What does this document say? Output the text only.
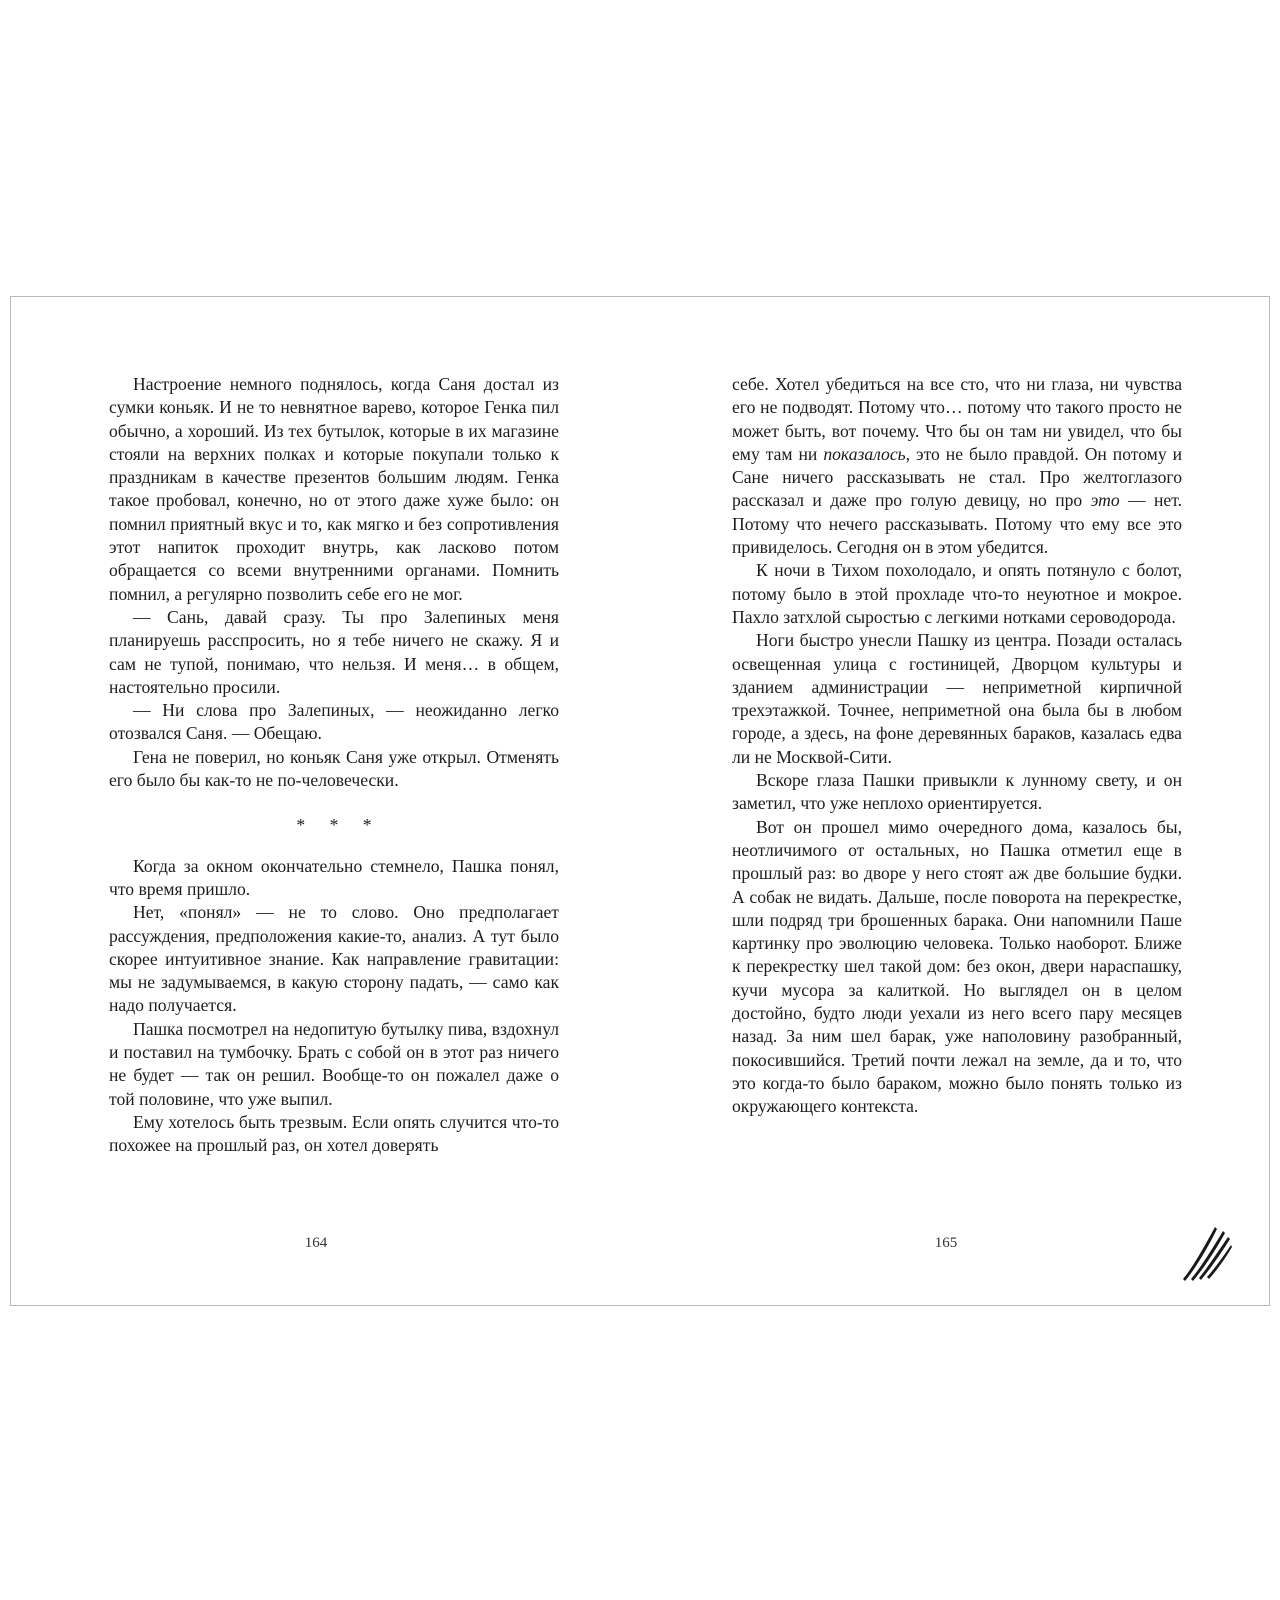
Настроение немного поднялось, когда Саня достал из сумки коньяк. И не то невнятное варево, которое Генка пил обычно, а хороший. Из тех бутылок, которые в их магазине стояли на верхних полках и которые покупали только к праздникам в качестве презентов большим людям. Генка такое пробовал, конечно, но от этого даже хуже было: он помнил приятный вкус и то, как мягко и без сопротивления этот напиток проходит внутрь, как ласково потом обращается со всеми внутренними органами. Помнить помнил, а регулярно позволить себе его не мог.

— Сань, давай сразу. Ты про Залепиных меня планируешь расспросить, но я тебе ничего не скажу. Я и сам не тупой, понимаю, что нельзя. И меня… в общем, настоятельно просили.

— Ни слова про Залепиных, — неожиданно легко отозвался Саня. — Обещаю.

Гена не поверил, но коньяк Саня уже открыл. Отменять его было бы как-то не по-человечески.

* * *

Когда за окном окончательно стемнело, Пашка понял, что время пришло.

Нет, «понял» — не то слово. Оно предполагает рассуждения, предположения какие-то, анализ. А тут было скорее интуитивное знание. Как направление гравитации: мы не задумываемся, в какую сторону падать, — само как надо получается.

Пашка посмотрел на недопитую бутылку пива, вздохнул и поставил на тумбочку. Брать с собой он в этот раз ничего не будет — так он решил. Вообще-то он пожалел даже о той половине, что уже выпил.

Ему хотелось быть трезвым. Если опять случится что-то похожее на прошлый раз, он хотел доверять

164

себе. Хотел убедиться на все сто, что ни глаза, ни чувства его не подводят. Потому что… потому что такого просто не может быть, вот почему. Что бы он там ни увидел, что бы ему там ни показалось, это не было правдой. Он потому и Сане ничего рассказывать не стал. Про желтоглазого рассказал и даже про голую девицу, но про это — нет. Потому что нечего рассказывать. Потому что ему все это привиделось. Сегодня он в этом убедится.

К ночи в Тихом похолодало, и опять потянуло с болот, потому было в этой прохладе что-то неуютное и мокрое. Пахло затхлой сыростью с легкими нотками сероводорода.

Ноги быстро унесли Пашку из центра. Позади осталась освещенная улица с гостиницей, Дворцом культуры и зданием администрации — неприметной кирпичной трехэтажкой. Точнее, неприметной она была бы в любом городе, а здесь, на фоне деревянных бараков, казалась едва ли не Москвой-Сити.

Вскоре глаза Пашки привыкли к лунному свету, и он заметил, что уже неплохо ориентируется.

Вот он прошел мимо очередного дома, казалось бы, неотличимого от остальных, но Пашка отметил еще в прошлый раз: во дворе у него стоят аж две большие будки. А собак не видать. Дальше, после поворота на перекрестке, шли подряд три брошенных барака. Они напомнили Паше картинку про эволюцию человека. Только наоборот. Ближе к перекрестку шел такой дом: без окон, двери нараспашку, кучи мусора за калиткой. Но выглядел он в целом достойно, будто люди уехали из него всего пару месяцев назад. За ним шел барак, уже наполовину разобранный, покосившийся. Третий почти лежал на земле, да и то, что это когда-то было бараком, можно было понять только из окружающего контекста.

165
